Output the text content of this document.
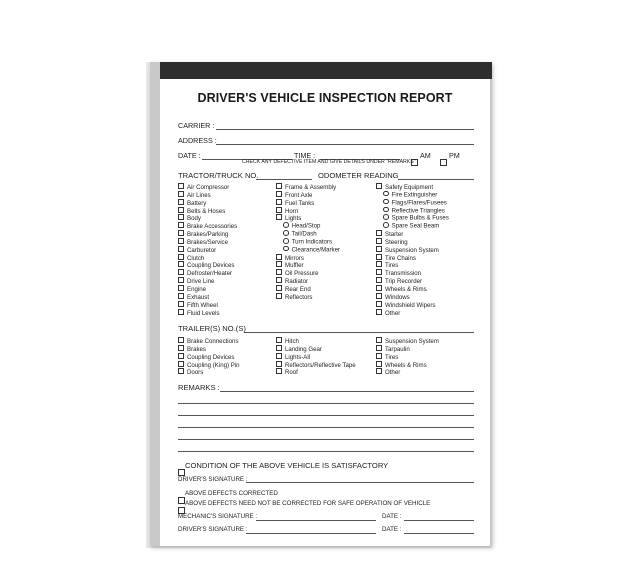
DRIVER'S VEHICLE INSPECTION REPORT
CARRIER :
ADDRESS :
DATE :	TIME :	AM	PM
CHECK ANY DEFECTIVE ITEM AND GIVE DETAILS UNDER "REMARKS"
TRACTOR/TRUCK NO.	ODOMETER READING
Air Compressor
Air Lines
Battery
Belts & Hoses
Body
Brake Accessories
Brakes/Parking
Brakes/Service
Carburetor
Clutch
Coupling Devices
Defroster/Heater
Drive Line
Engine
Exhaust
Fifth Wheel
Fluid Levels
Frame & Assembly
Front Axle
Fuel Tanks
Horn
Lights
Head/Stop
Tail/Dash
Turn Indicators
Clearance/Marker
Mirrors
Muffler
Oil Pressure
Radiator
Rear End
Reflectors
Safety Equipment
Fire Extinguisher
Flags/Flares/Fusees
Reflective Triangles
Spare Bulbs & Fuses
Spare Seal Beam
Starter
Steering
Suspension System
Tire Chains
Tires
Transmission
Trip Recorder
Wheels & Rims
Windows
Windshield Wipers
Other
TRAILER(S) NO.(S)
Brake Connections
Brakes
Coupling Devices
Coupling (King) Pin
Doors
Hitch
Landing Gear
Lights-All
Reflectors/Reflective Tape
Roof
Suspension System
Tarpaulin
Tires
Wheels & Rims
Other
REMARKS :
CONDITION OF THE ABOVE VEHICLE IS SATISFACTORY
DRIVER'S SIGNATURE :
ABOVE DEFECTS CORRECTED
ABOVE DEFECTS NEED NOT BE CORRECTED FOR SAFE OPERATION OF VEHICLE
MECHANIC'S SIGNATURE :	DATE :
DRIVER'S SIGNATURE :	DATE :
